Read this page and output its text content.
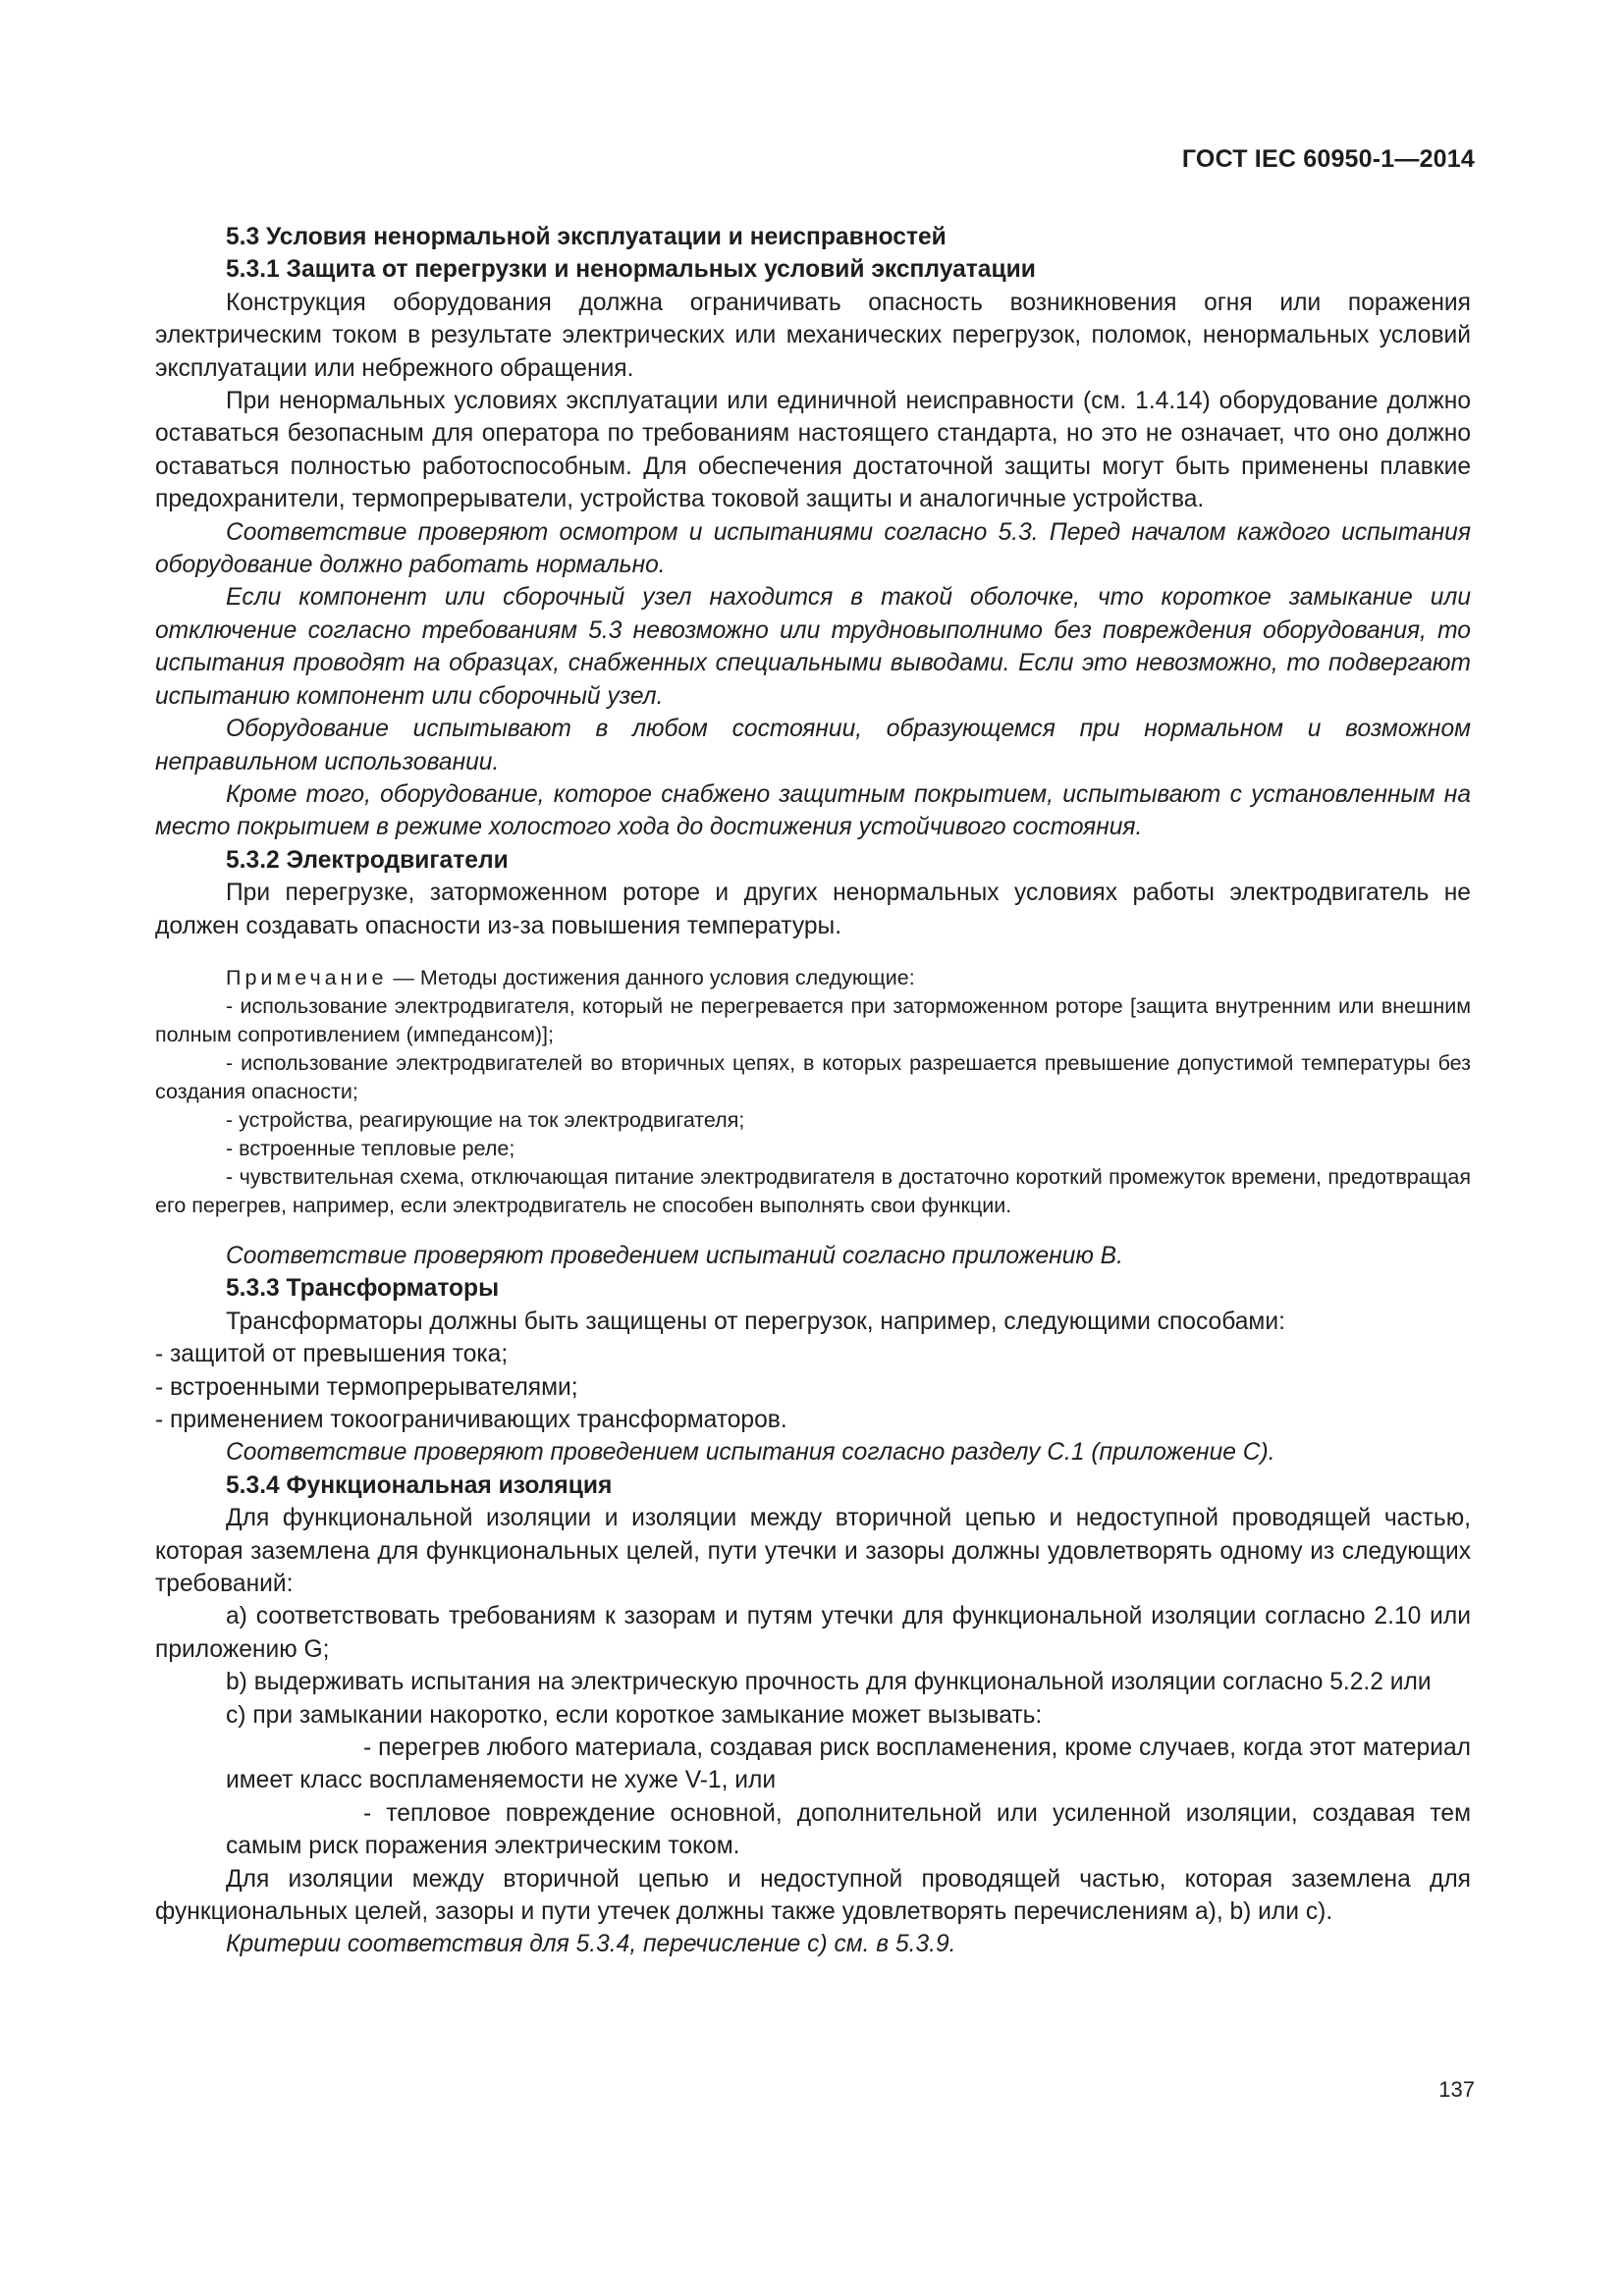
ГОСТ IEC 60950-1—2014

5.3 Условия ненормальной эксплуатации и неисправностей

5.3.1 Защита от перегрузки и ненормальных условий эксплуатации

Конструкция оборудования должна ограничивать опасность возникновения огня или поражения электрическим током в результате электрических или механических перегрузок, поломок, ненормальных условий эксплуатации или небрежного обращения.

При ненормальных условиях эксплуатации или единичной неисправности (см. 1.4.14) оборудование должно оставаться безопасным для оператора по требованиям настоящего стандарта, но это не означает, что оно должно оставаться полностью работоспособным. Для обеспечения достаточной защиты могут быть применены плавкие предохранители, термопрерыватели, устройства токовой защиты и аналогичные устройства.

Соответствие проверяют осмотром и испытаниями согласно 5.3. Перед началом каждого испытания оборудование должно работать нормально.

Если компонент или сборочный узел находится в такой оболочке, что короткое замыкание или отключение согласно требованиям 5.3 невозможно или трудновыполнимо без повреждения оборудования, то испытания проводят на образцах, снабженных специальными выводами. Если это невозможно, то подвергают испытанию компонент или сборочный узел.

Оборудование испытывают в любом состоянии, образующемся при нормальном и возможном неправильном использовании.

Кроме того, оборудование, которое снабжено защитным покрытием, испытывают с установленным на место покрытием в режиме холостого хода до достижения устойчивого состояния.

5.3.2 Электродвигатели

При перегрузке, заторможенном роторе и других ненормальных условиях работы электродвигатель не должен создавать опасности из-за повышения температуры.

Примечание — Методы достижения данного условия следующие:

- использование электродвигателя, который не перегревается при заторможенном роторе [защита внутренним или внешним полным сопротивлением (импедансом)];

- использование электродвигателей во вторичных цепях, в которых разрешается превышение допустимой температуры без создания опасности;

- устройства, реагирующие на ток электродвигателя;

- встроенные тепловые реле;

- чувствительная схема, отключающая питание электродвигателя в достаточно короткий промежуток времени, предотвращая его перегрев, например, если электродвигатель не способен выполнять свои функции.

Соответствие проверяют проведением испытаний согласно приложению В.

5.3.3 Трансформаторы

Трансформаторы должны быть защищены от перегрузок, например, следующими способами:

- защитой от превышения тока;

- встроенными термопрерывателями;

- применением токоограничивающих трансформаторов.

Соответствие проверяют проведением испытания согласно разделу С.1 (приложение С).

5.3.4 Функциональная изоляция

Для функциональной изоляции и изоляции между вторичной цепью и недоступной проводящей частью, которая заземлена для функциональных целей, пути утечки и зазоры должны удовлетворять одному из следующих требований:

а) соответствовать требованиям к зазорам и путям утечки для функциональной изоляции согласно 2.10 или приложению G;

b) выдерживать испытания на электрическую прочность для функциональной изоляции согласно 5.2.2 или

с) при замыкании накоротко, если короткое замыкание может вызывать:

- перегрев любого материала, создавая риск воспламенения, кроме случаев, когда этот материал имеет класс воспламеняемости не хуже V-1, или

- тепловое повреждение основной, дополнительной или усиленной изоляции, создавая тем самым риск поражения электрическим током.

Для изоляции между вторичной цепью и недоступной проводящей частью, которая заземлена для функциональных целей, зазоры и пути утечек должны также удовлетворять перечислениям а), b) или с).

Критерии соответствия для 5.3.4, перечисление с) см. в 5.3.9.

137
